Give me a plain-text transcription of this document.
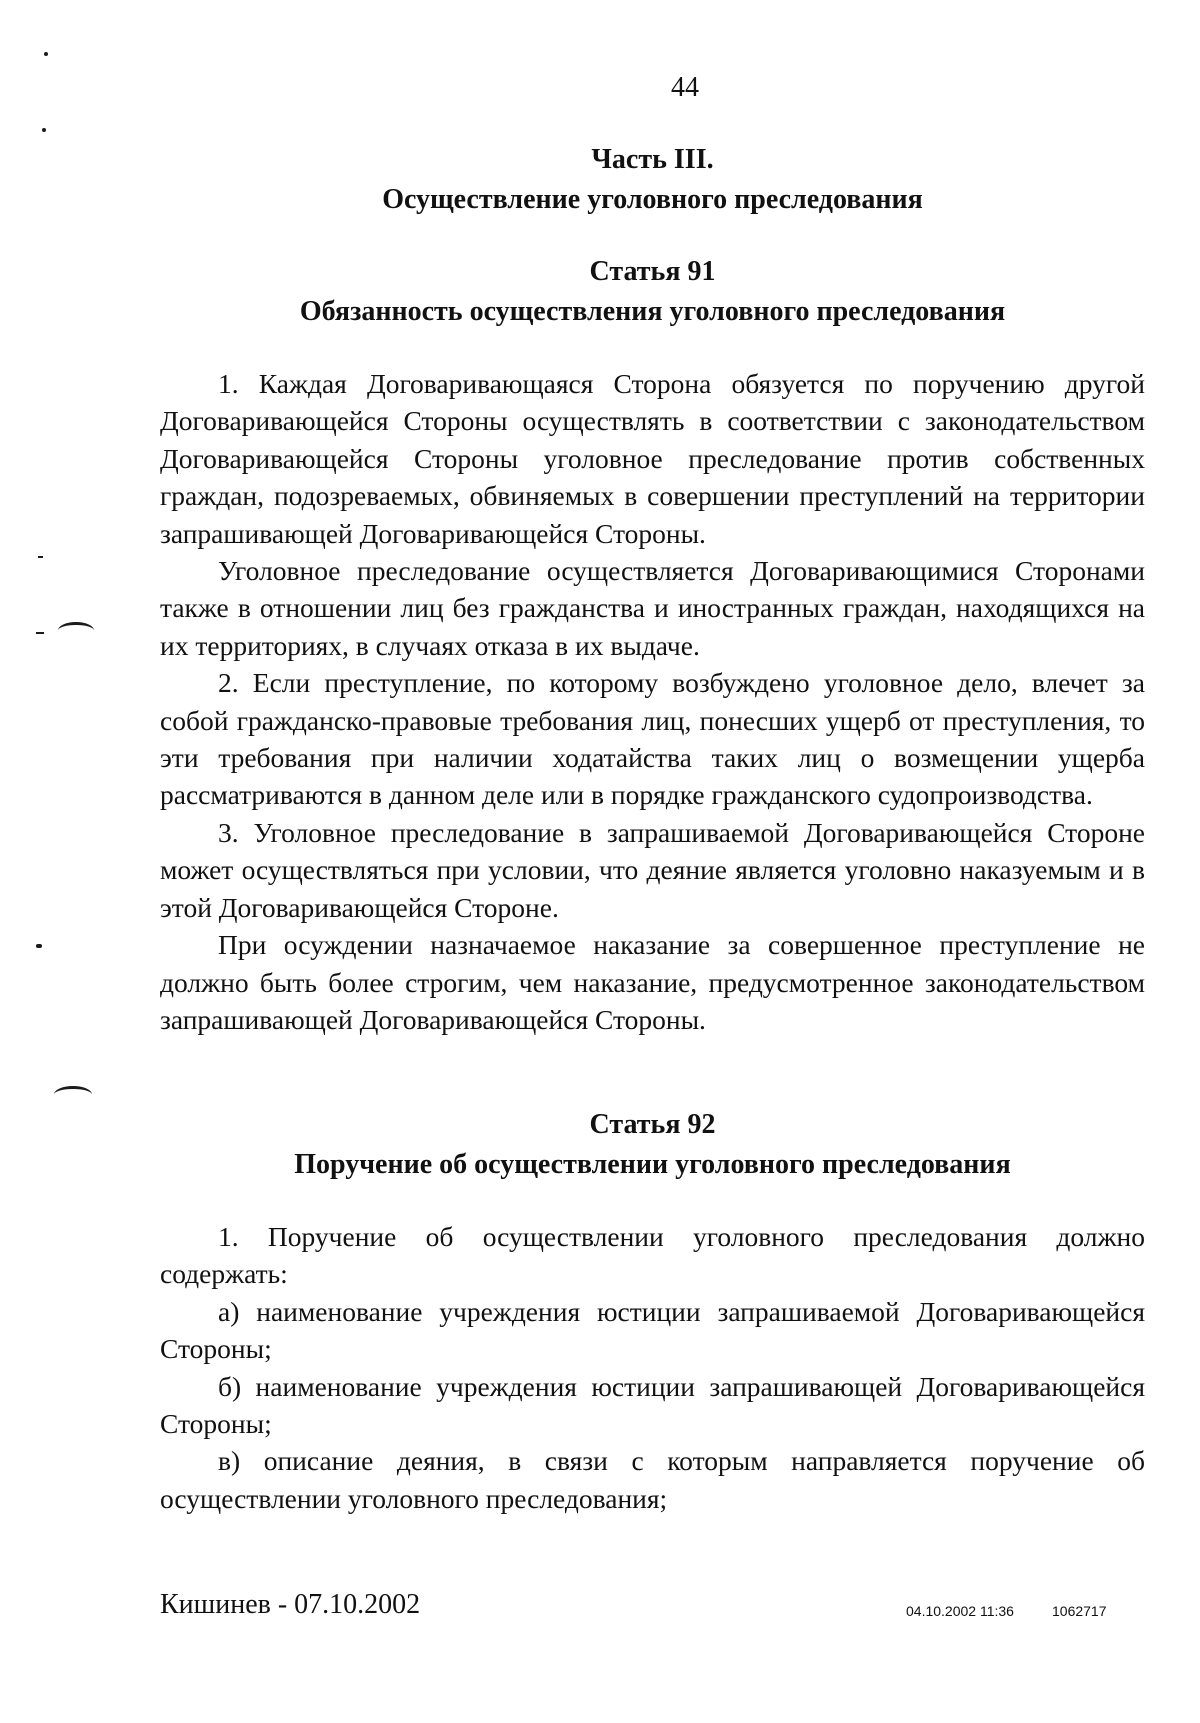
44

Часть III.

Осуществление уголовного преследования

Статья 91

Обязанность осуществления уголовного преследования

1. Каждая Договаривающаяся Сторона обязуется по поручению другой Договаривающейся Стороны осуществлять в соответствии с законодательством Договаривающейся Стороны уголовное преследование против собственных граждан, подозреваемых, обвиняемых в совершении преступлений на территории запрашивающей Договаривающейся Стороны.

Уголовное преследование осуществляется Договаривающимися Сторонами также в отношении лиц без гражданства и иностранных граждан, находящихся на их территориях, в случаях отказа в их выдаче.

2. Если преступление, по которому возбуждено уголовное дело, влечет за собой гражданско-правовые требования лиц, понесших ущерб от преступления, то эти требования при наличии ходатайства таких лиц о возмещении ущерба рассматриваются в данном деле или в порядке гражданского судопроизводства.

3. Уголовное преследование в запрашиваемой Договаривающейся Стороне может осуществляться при условии, что деяние является уголовно наказуемым и в этой Договаривающейся Стороне.

При осуждении назначаемое наказание за совершенное преступление не должно быть более строгим, чем наказание, предусмотренное законодательством запрашивающей Договаривающейся Стороны.

Статья 92

Поручение об осуществлении уголовного преследования

1. Поручение об осуществлении уголовного преследования должно содержать:

а) наименование учреждения юстиции запрашиваемой Договаривающейся Стороны;

б) наименование учреждения юстиции запрашивающей Договаривающейся Стороны;

в) описание деяния, в связи с которым направляется поручение об осуществлении уголовного преследования;

Кишинев - 07.10.2002	04.10.2002 11:36	1062717
